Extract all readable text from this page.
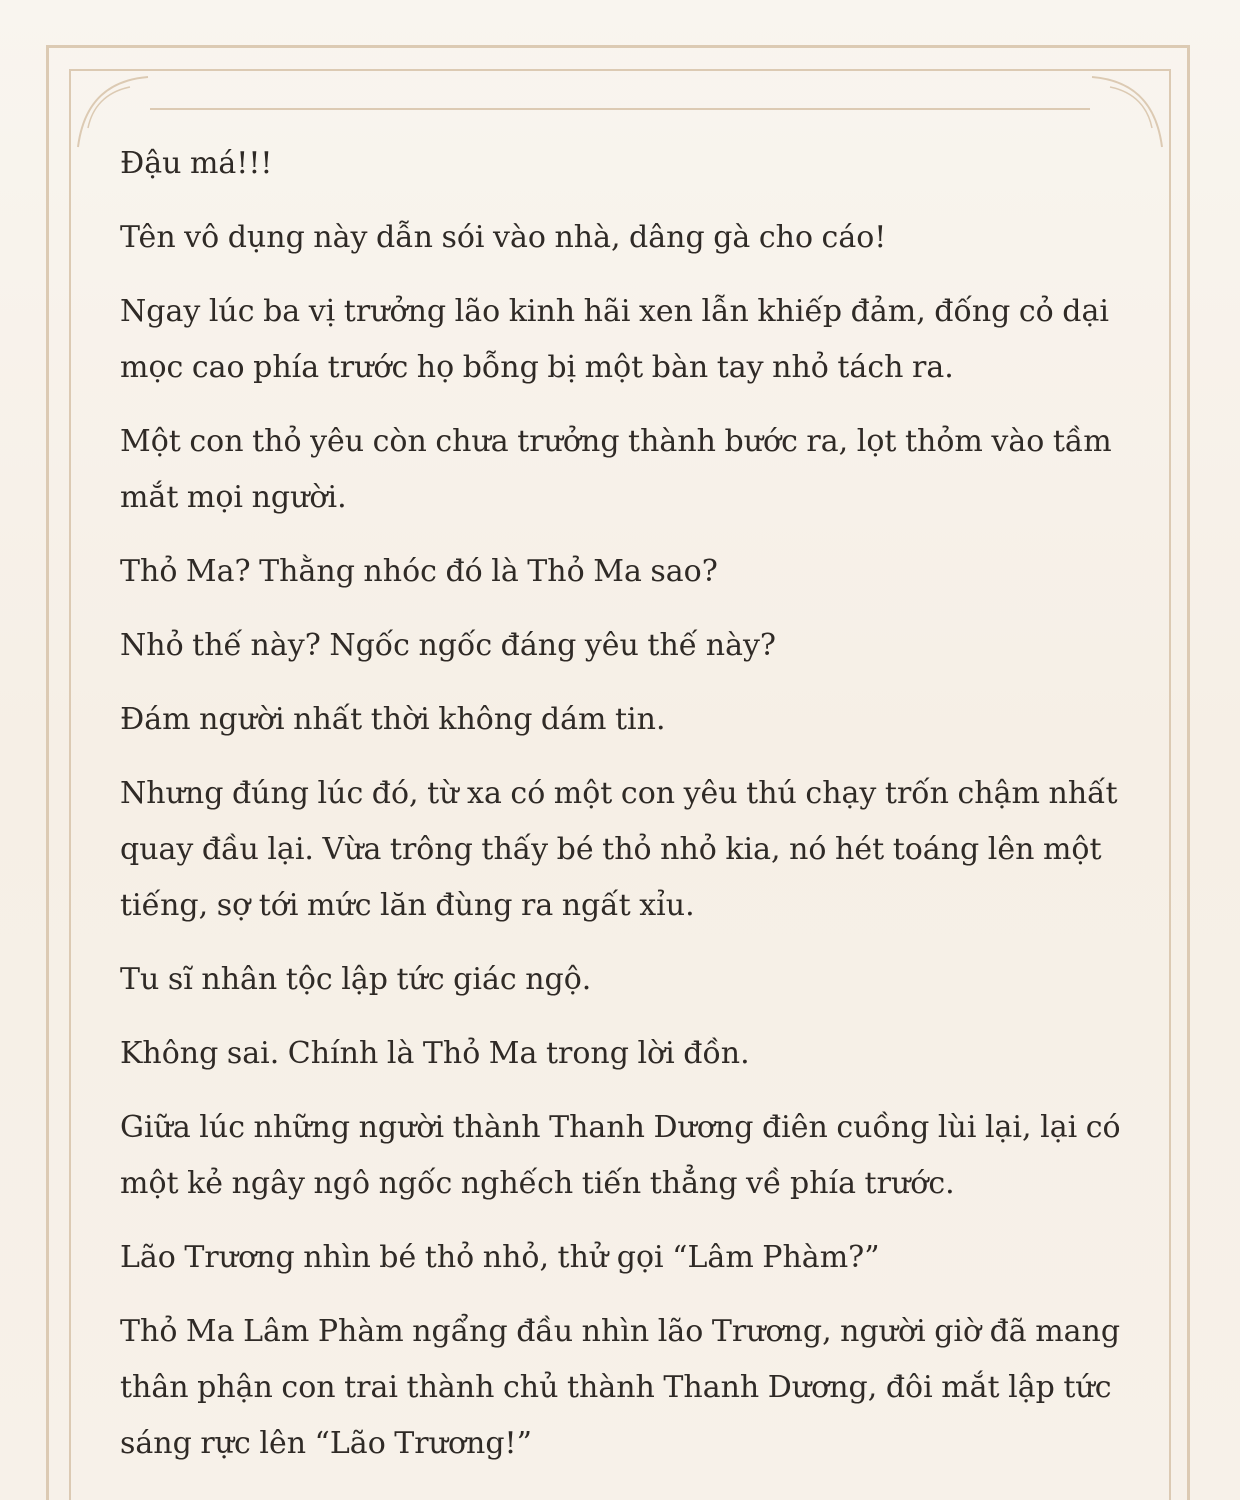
Đậu má!!!

Tên vô dụng này dẫn sói vào nhà, dâng gà cho cáo!

Ngay lúc ba vị trưởng lão kinh hãi xen lẫn khiếp đảm, đống cỏ dại mọc cao phía trước họ bỗng bị một bàn tay nhỏ tách ra.

Một con thỏ yêu còn chưa trưởng thành bước ra, lọt thỏm vào tầm mắt mọi người.

Thỏ Ma? Thằng nhóc đó là Thỏ Ma sao?

Nhỏ thế này? Ngốc ngốc đáng yêu thế này?

Đám người nhất thời không dám tin.

Nhưng đúng lúc đó, từ xa có một con yêu thú chạy trốn chậm nhất quay đầu lại. Vừa trông thấy bé thỏ nhỏ kia, nó hét toáng lên một tiếng, sợ tới mức lăn đùng ra ngất xỉu.

Tu sĩ nhân tộc lập tức giác ngộ.

Không sai. Chính là Thỏ Ma trong lời đồn.

Giữa lúc những người thành Thanh Dương điên cuồng lùi lại, lại có một kẻ ngây ngô ngốc nghếch tiến thẳng về phía trước.

Lão Trương nhìn bé thỏ nhỏ, thử gọi “Lâm Phàm?”

Thỏ Ma Lâm Phàm ngẩng đầu nhìn lão Trương, người giờ đã mang thân phận con trai thành chủ thành Thanh Dương, đôi mắt lập tức sáng rực lên “Lão Trương!”
